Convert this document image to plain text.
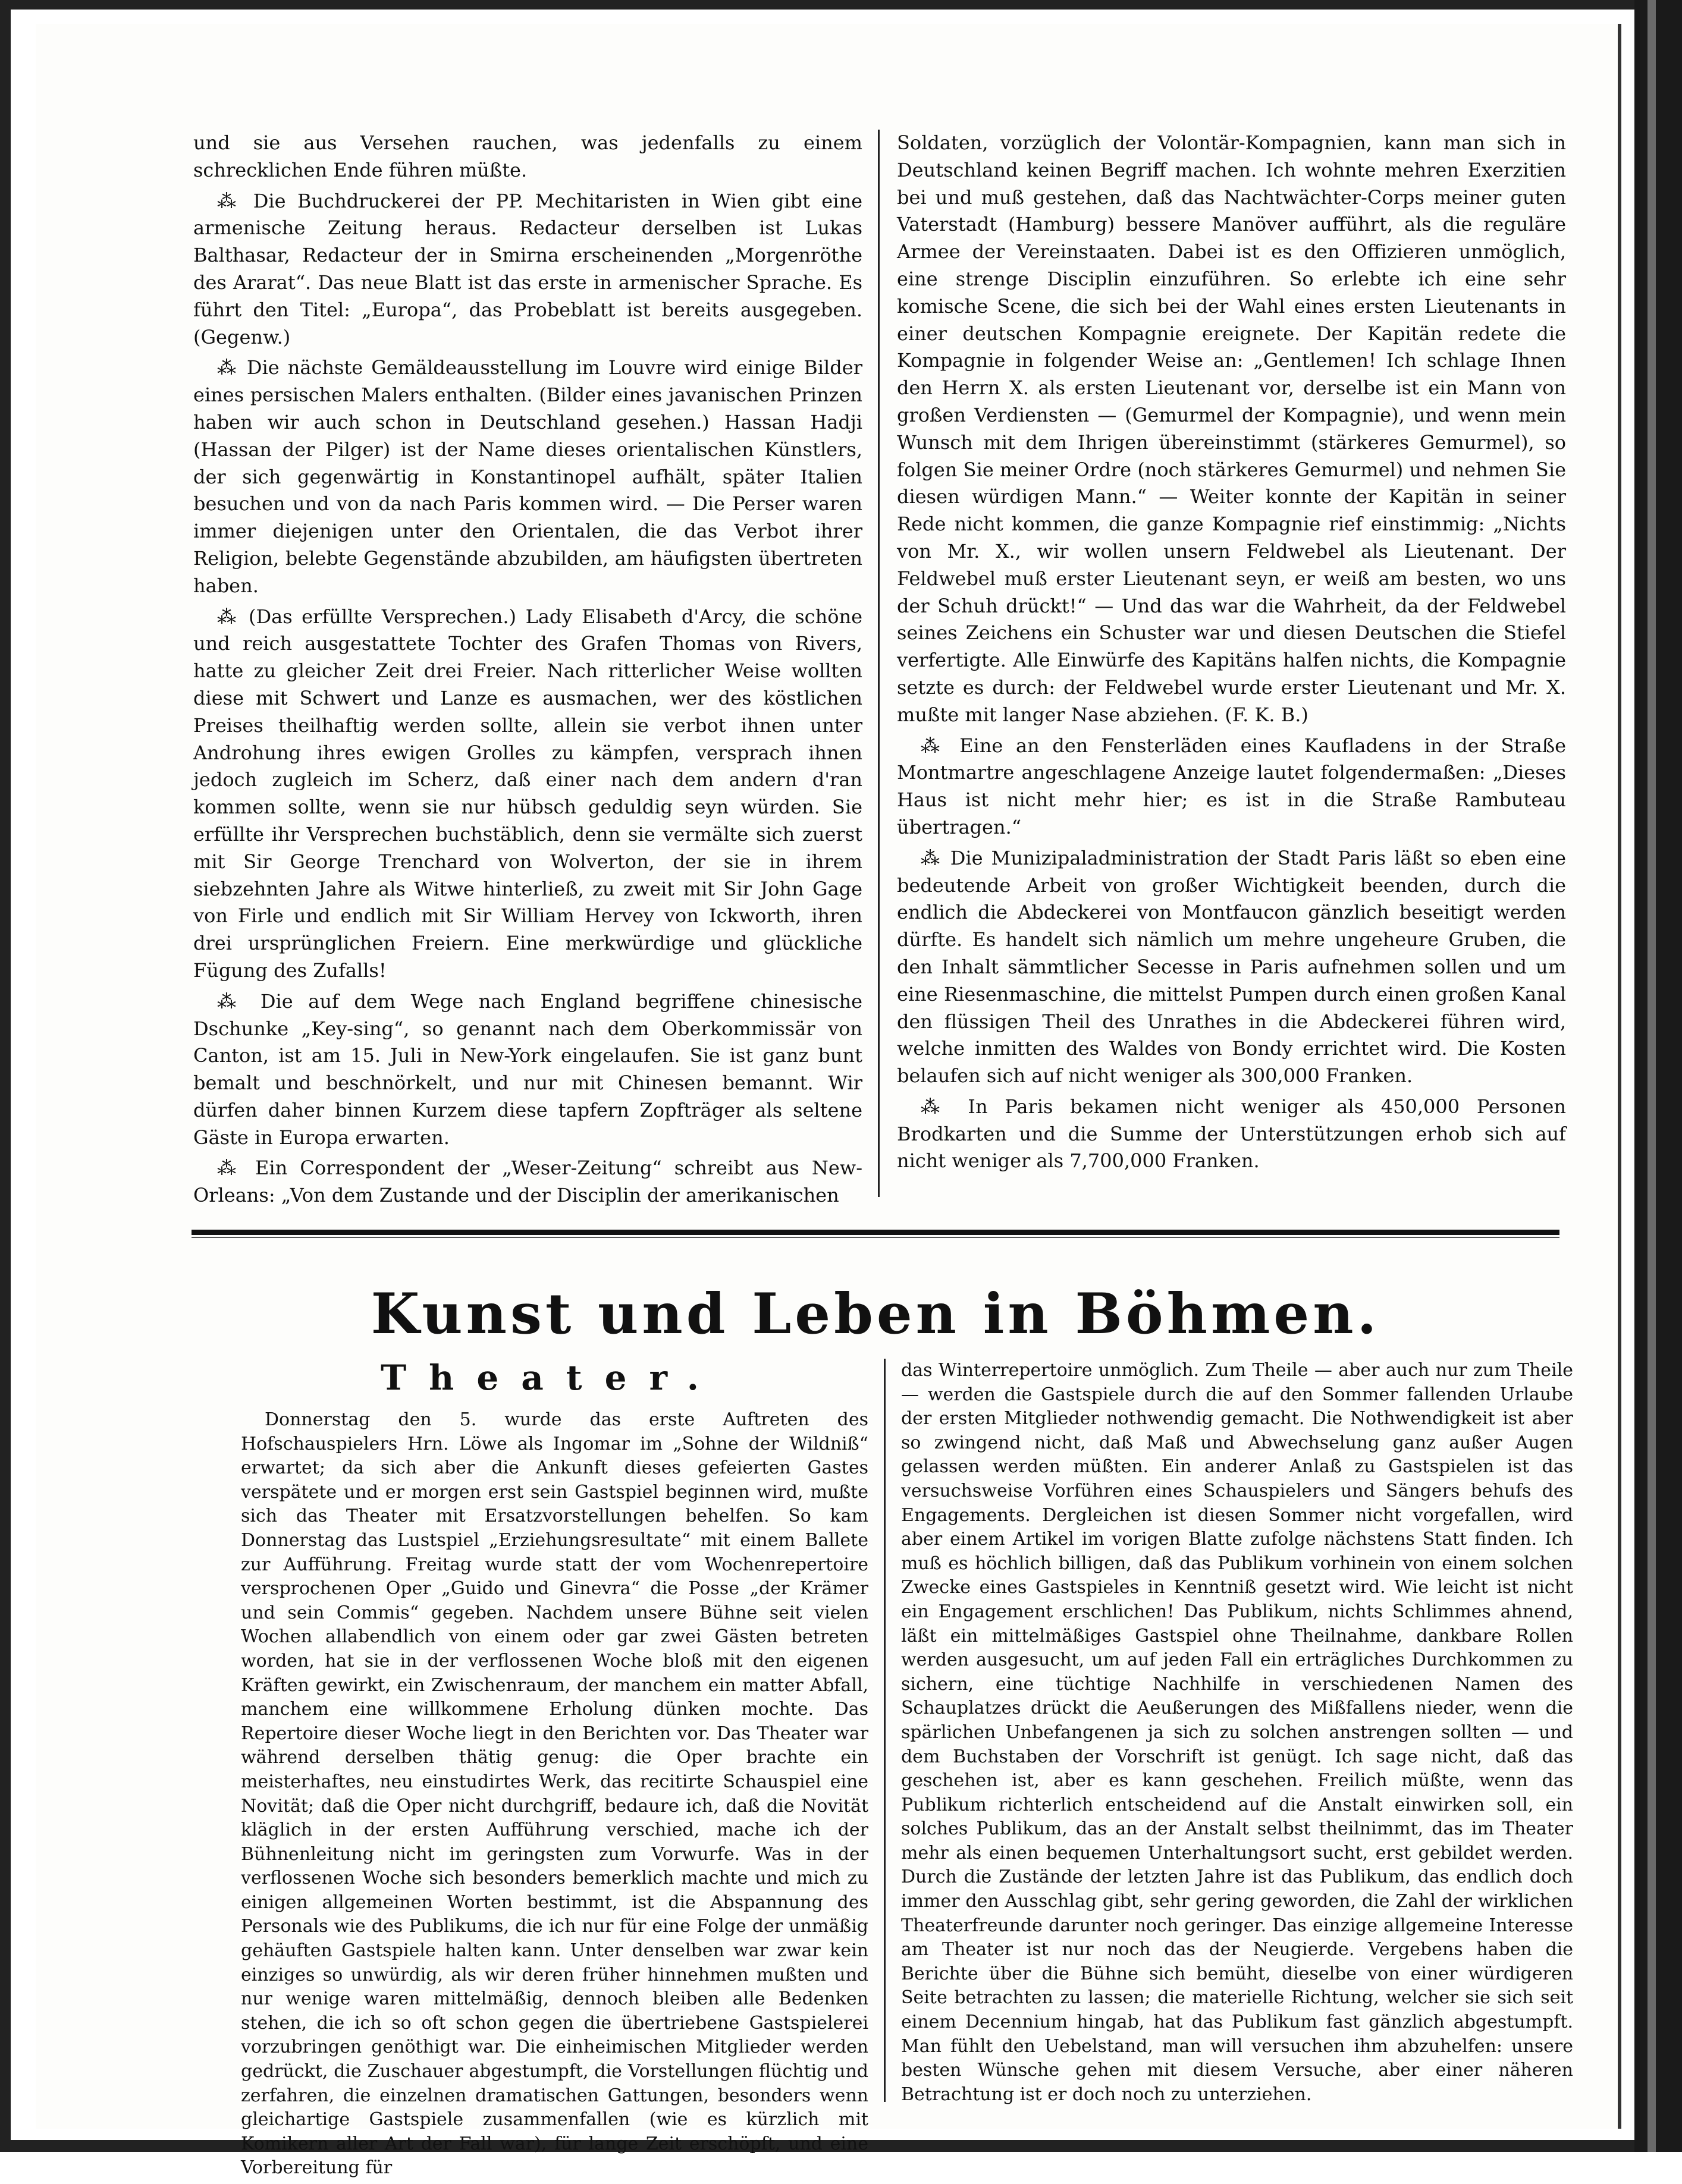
und sie aus Versehen rauchen, was jedenfalls zu einem schrecklichen Ende führen müßte.

⁂ Die Buchdruckerei der PP. Mechitaristen in Wien gibt eine armenische Zeitung heraus. Redacteur derselben ist Lukas Balthasar, Redacteur der in Smirna erscheinenden „Morgenröthe des Ararat“. Das neue Blatt ist das erste in armenischer Sprache. Es führt den Titel: „Europa“, das Probeblatt ist bereits ausgegeben. (Gegenw.)

⁂ Die nächste Gemäldeausstellung im Louvre wird einige Bilder eines persischen Malers enthalten. (Bilder eines javanischen Prinzen haben wir auch schon in Deutschland gesehen.) Hassan Hadji (Hassan der Pilger) ist der Name dieses orientalischen Künstlers, der sich gegenwärtig in Konstantinopel aufhält, später Italien besuchen und von da nach Paris kommen wird. — Die Perser waren immer diejenigen unter den Orientalen, die das Verbot ihrer Religion, belebte Gegenstände abzubilden, am häufigsten übertreten haben.

⁂ (Das erfüllte Versprechen.) Lady Elisabeth d'Arcy, die schöne und reich ausgestattete Tochter des Grafen Thomas von Rivers, hatte zu gleicher Zeit drei Freier. Nach ritterlicher Weise wollten diese mit Schwert und Lanze es ausmachen, wer des köstlichen Preises theilhaftig werden sollte, allein sie verbot ihnen unter Androhung ihres ewigen Grolles zu kämpfen, versprach ihnen jedoch zugleich im Scherz, daß einer nach dem andern d'ran kommen sollte, wenn sie nur hübsch geduldig seyn würden. Sie erfüllte ihr Versprechen buchstäblich, denn sie vermälte sich zuerst mit Sir George Trenchard von Wolverton, der sie in ihrem siebzehnten Jahre als Witwe hinterließ, zu zweit mit Sir John Gage von Firle und endlich mit Sir William Hervey von Ickworth, ihren drei ursprünglichen Freiern. Eine merkwürdige und glückliche Fügung des Zufalls!

⁂ Die auf dem Wege nach England begriffene chinesische Dschunke „Key-sing“, so genannt nach dem Oberkommissär von Canton, ist am 15. Juli in New-York eingelaufen. Sie ist ganz bunt bemalt und beschnörkelt, und nur mit Chinesen bemannt. Wir dürfen daher binnen Kurzem diese tapfern Zopfträger als seltene Gäste in Europa erwarten.

⁂ Ein Correspondent der „Weser-Zeitung“ schreibt aus New-Orleans: „Von dem Zustande und der Disciplin der amerikanischen

Soldaten, vorzüglich der Volontär-Kompagnien, kann man sich in Deutschland keinen Begriff machen. Ich wohnte mehren Exerzitien bei und muß gestehen, daß das Nachtwächter-Corps meiner guten Vaterstadt (Hamburg) bessere Manöver aufführt, als die reguläre Armee der Vereinstaaten. Dabei ist es den Offizieren unmöglich, eine strenge Disciplin einzuführen. So erlebte ich eine sehr komische Scene, die sich bei der Wahl eines ersten Lieutenants in einer deutschen Kompagnie ereignete. Der Kapitän redete die Kompagnie in folgender Weise an: „Gentlemen! Ich schlage Ihnen den Herrn X. als ersten Lieutenant vor, derselbe ist ein Mann von großen Verdiensten — (Gemurmel der Kompagnie), und wenn mein Wunsch mit dem Ihrigen übereinstimmt (stärkeres Gemurmel), so folgen Sie meiner Ordre (noch stärkeres Gemurmel) und nehmen Sie diesen würdigen Mann.“ — Weiter konnte der Kapitän in seiner Rede nicht kommen, die ganze Kompagnie rief einstimmig: „Nichts von Mr. X., wir wollen unsern Feldwebel als Lieutenant. Der Feldwebel muß erster Lieutenant seyn, er weiß am besten, wo uns der Schuh drückt!“ — Und das war die Wahrheit, da der Feldwebel seines Zeichens ein Schuster war und diesen Deutschen die Stiefel verfertigte. Alle Einwürfe des Kapitäns halfen nichts, die Kompagnie setzte es durch: der Feldwebel wurde erster Lieutenant und Mr. X. mußte mit langer Nase abziehen. (F. K. B.)

⁂ Eine an den Fensterläden eines Kaufladens in der Straße Montmartre angeschlagene Anzeige lautet folgendermaßen: „Dieses Haus ist nicht mehr hier; es ist in die Straße Rambuteau übertragen.“

⁂ Die Munizipaladministration der Stadt Paris läßt so eben eine bedeutende Arbeit von großer Wichtigkeit beenden, durch die endlich die Abdeckerei von Montfaucon gänzlich beseitigt werden dürfte. Es handelt sich nämlich um mehre ungeheure Gruben, die den Inhalt sämmtlicher Secesse in Paris aufnehmen sollen und um eine Riesenmaschine, die mittelst Pumpen durch einen großen Kanal den flüssigen Theil des Unrathes in die Abdeckerei führen wird, welche inmitten des Waldes von Bondy errichtet wird. Die Kosten belaufen sich auf nicht weniger als 300,000 Franken.

⁂ In Paris bekamen nicht weniger als 450,000 Personen Brodkarten und die Summe der Unterstützungen erhob sich auf nicht weniger als 7,700,000 Franken.

Kunst und Leben in Böhmen.
Theater.

Donnerstag den 5. wurde das erste Auftreten des Hofschauspielers Hrn. Löwe als Ingomar im „Sohne der Wildniß“ erwartet; da sich aber die Ankunft dieses gefeierten Gastes verspätete und er morgen erst sein Gastspiel beginnen wird, mußte sich das Theater mit Ersatzvorstellungen behelfen. So kam Donnerstag das Lustspiel „Erziehungsresultate“ mit einem Ballete zur Aufführung. Freitag wurde statt der vom Wochenrepertoire versprochenen Oper „Guido und Ginevra“ die Posse „der Krämer und sein Commis“ gegeben. Nachdem unsere Bühne seit vielen Wochen allabendlich von einem oder gar zwei Gästen betreten worden, hat sie in der verflossenen Woche bloß mit den eigenen Kräften gewirkt, ein Zwischenraum, der manchem ein matter Abfall, manchem eine willkommene Erholung dünken mochte. Das Repertoire dieser Woche liegt in den Berichten vor. Das Theater war während derselben thätig genug: die Oper brachte ein meisterhaftes, neu einstudirtes Werk, das recitirte Schauspiel eine Novität; daß die Oper nicht durchgriff, bedaure ich, daß die Novität kläglich in der ersten Aufführung verschied, mache ich der Bühnenleitung nicht im geringsten zum Vorwurfe. Was in der verflossenen Woche sich besonders bemerklich machte und mich zu einigen allgemeinen Worten bestimmt, ist die Abspannung des Personals wie des Publikums, die ich nur für eine Folge der unmäßig gehäuften Gastspiele halten kann. Unter denselben war zwar kein einziges so unwürdig, als wir deren früher hinnehmen mußten und nur wenige waren mittelmäßig, dennoch bleiben alle Bedenken stehen, die ich so oft schon gegen die übertriebene Gastspielerei vorzubringen genöthigt war. Die einheimischen Mitglieder werden gedrückt, die Zuschauer abgestumpft, die Vorstellungen flüchtig und zerfahren, die einzelnen dramatischen Gattungen, besonders wenn gleichartige Gastspiele zusammenfallen (wie es kürzlich mit Komikern aller Art der Fall war), für lange Zeit erschöpft, und eine Vorbereitung für

das Winterrepertoire unmöglich. Zum Theile — aber auch nur zum Theile — werden die Gastspiele durch die auf den Sommer fallenden Urlaube der ersten Mitglieder nothwendig gemacht. Die Nothwendigkeit ist aber so zwingend nicht, daß Maß und Abwechselung ganz außer Augen gelassen werden müßten. Ein anderer Anlaß zu Gastspielen ist das versuchsweise Vorführen eines Schauspielers und Sängers behufs des Engagements. Dergleichen ist diesen Sommer nicht vorgefallen, wird aber einem Artikel im vorigen Blatte zufolge nächstens Statt finden. Ich muß es höchlich billigen, daß das Publikum vorhinein von einem solchen Zwecke eines Gastspieles in Kenntniß gesetzt wird. Wie leicht ist nicht ein Engagement erschlichen! Das Publikum, nichts Schlimmes ahnend, läßt ein mittelmäßiges Gastspiel ohne Theilnahme, dankbare Rollen werden ausgesucht, um auf jeden Fall ein erträgliches Durchkommen zu sichern, eine tüchtige Nachhilfe in verschiedenen Namen des Schauplatzes drückt die Aeußerungen des Mißfallens nieder, wenn die spärlichen Unbefangenen ja sich zu solchen anstrengen sollten — und dem Buchstaben der Vorschrift ist genügt. Ich sage nicht, daß das geschehen ist, aber es kann geschehen. Freilich müßte, wenn das Publikum richterlich entscheidend auf die Anstalt einwirken soll, ein solches Publikum, das an der Anstalt selbst theilnimmt, das im Theater mehr als einen bequemen Unterhaltungsort sucht, erst gebildet werden. Durch die Zustände der letzten Jahre ist das Publikum, das endlich doch immer den Ausschlag gibt, sehr gering geworden, die Zahl der wirklichen Theaterfreunde darunter noch geringer. Das einzige allgemeine Interesse am Theater ist nur noch das der Neugierde. Vergebens haben die Berichte über die Bühne sich bemüht, dieselbe von einer würdigeren Seite betrachten zu lassen; die materielle Richtung, welcher sie sich seit einem Decennium hingab, hat das Publikum fast gänzlich abgestumpft. Man fühlt den Uebelstand, man will versuchen ihm abzuhelfen: unsere besten Wünsche gehen mit diesem Versuche, aber einer näheren Betrachtung ist er doch noch zu unterziehen.
